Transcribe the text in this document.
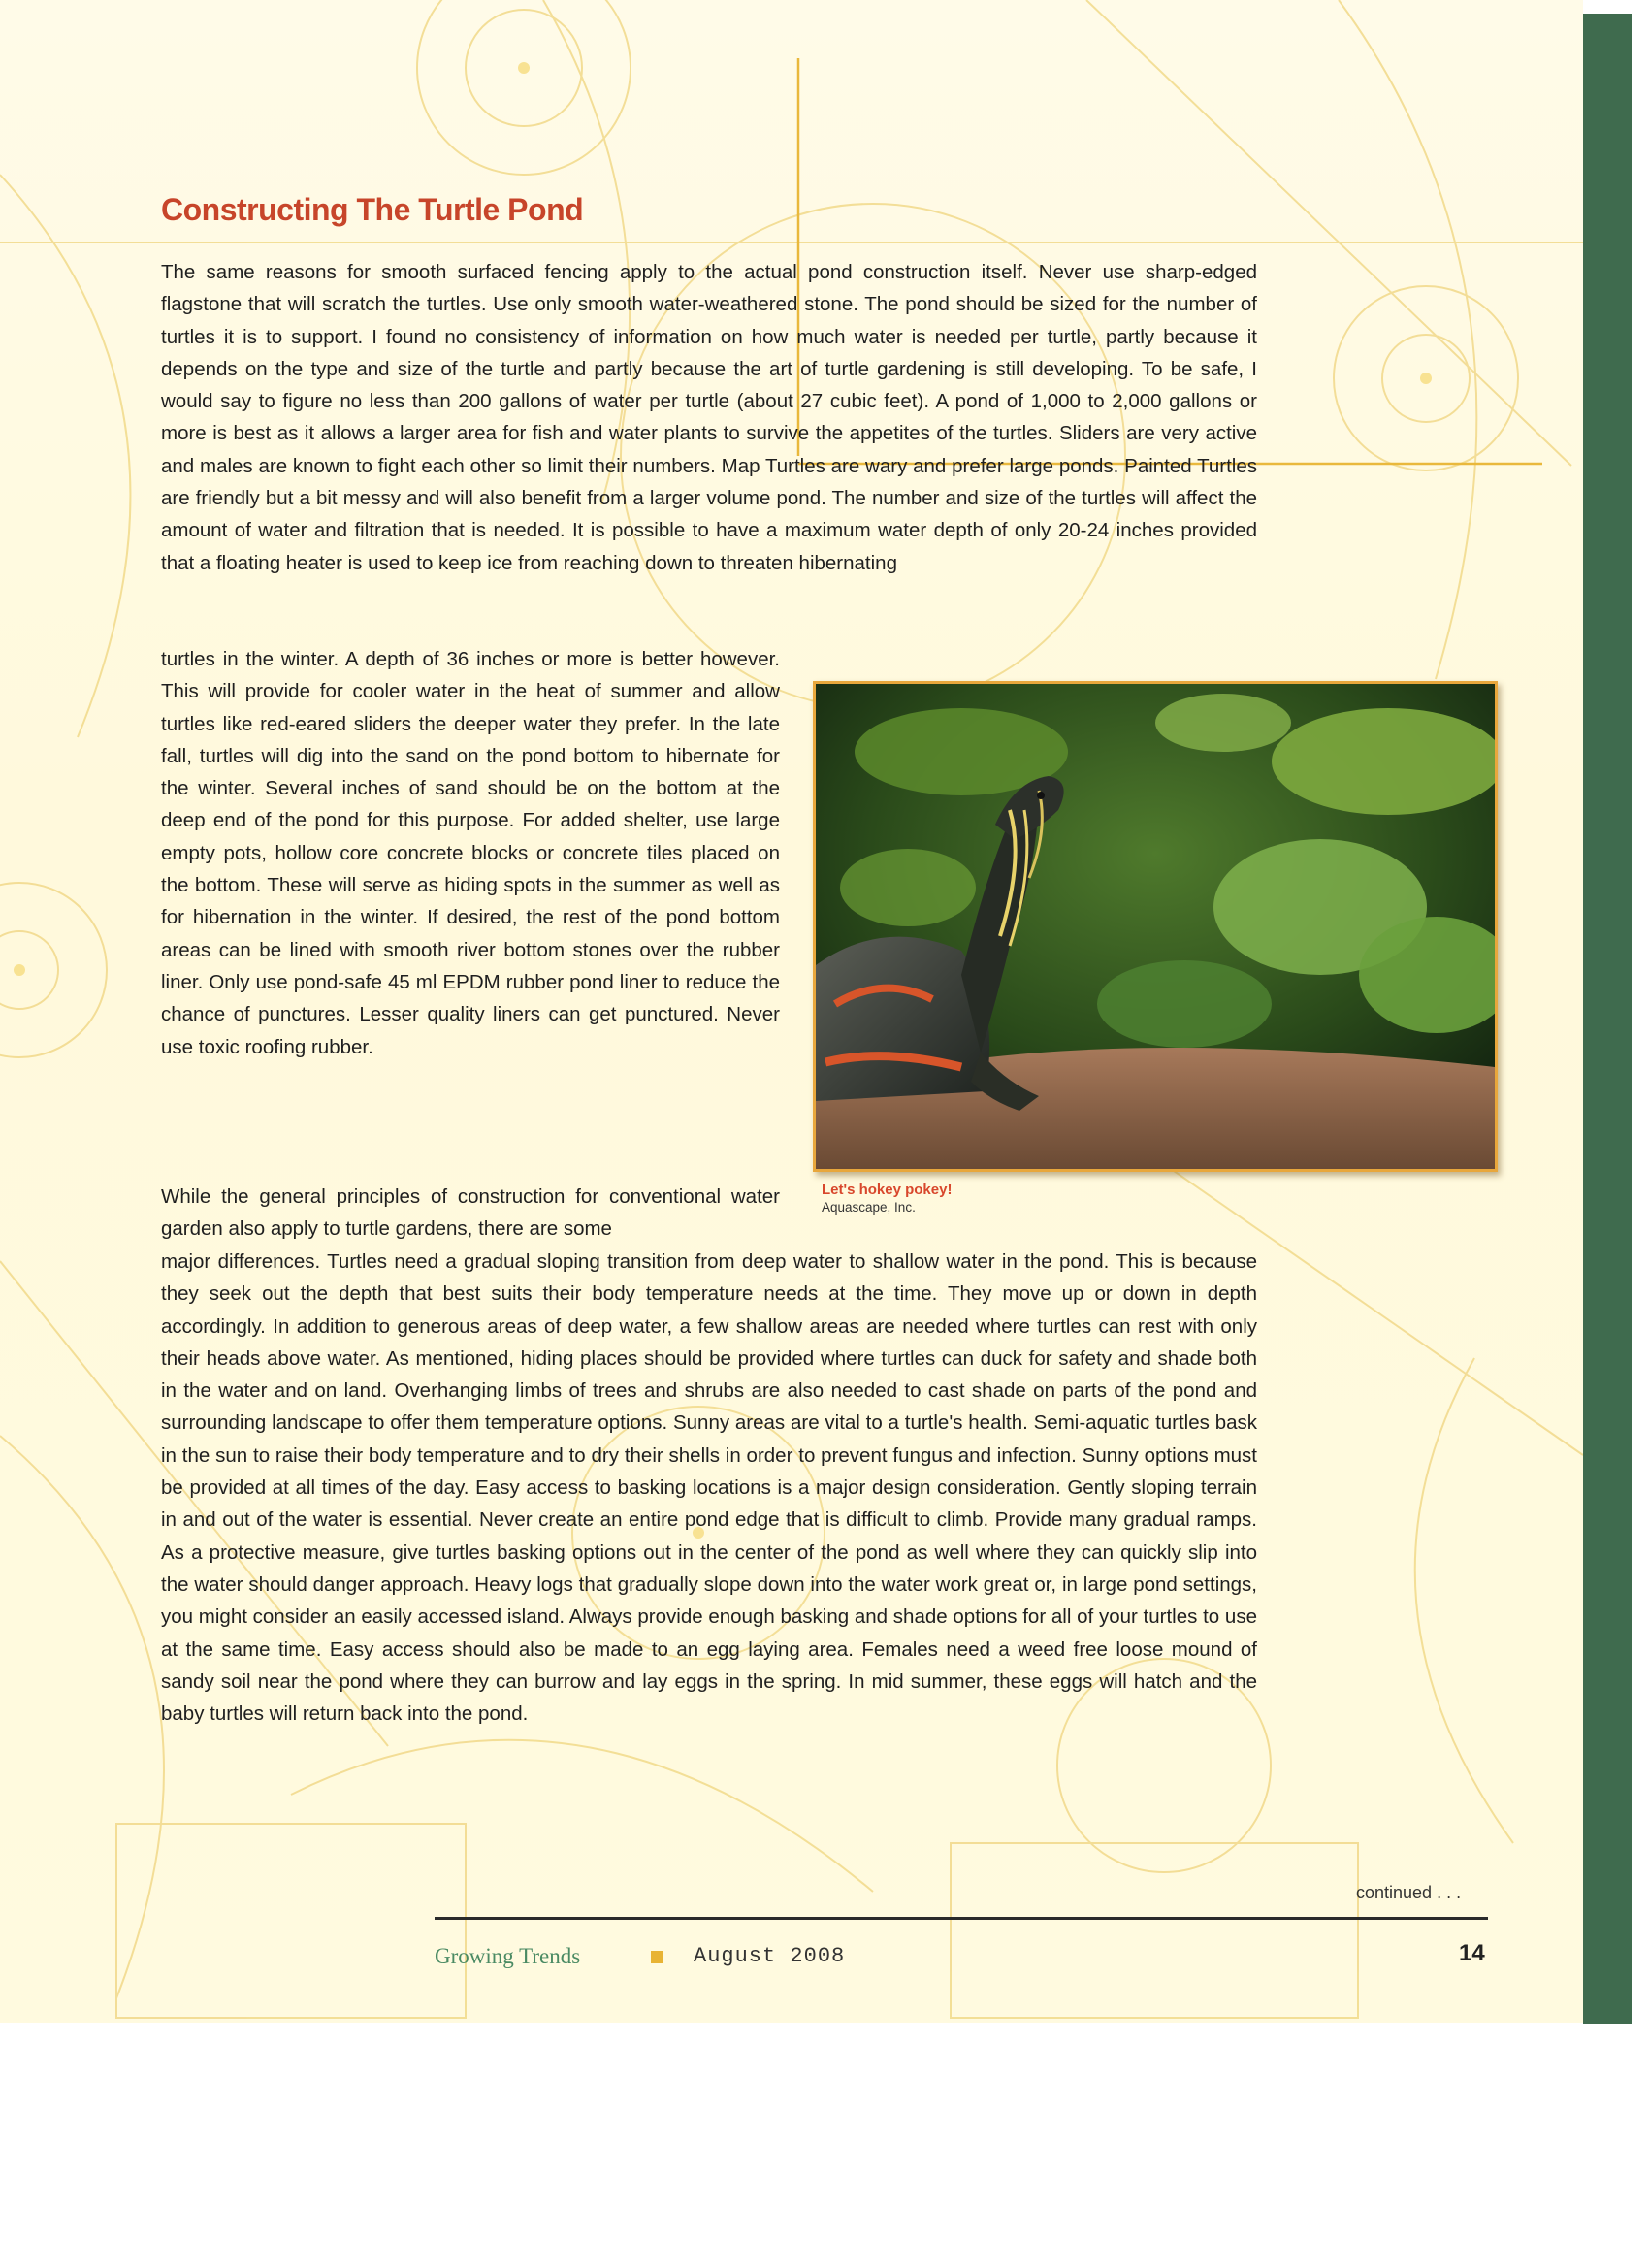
Constructing The Turtle Pond

The same reasons for smooth surfaced fencing apply to the actual pond construction itself. Never use sharp-edged flagstone that will scratch the turtles. Use only smooth water-weathered stone. The pond should be sized for the number of turtles it is to support. I found no consistency of information on how much water is needed per turtle, partly because it depends on the type and size of the turtle and partly because the art of turtle gardening is still developing. To be safe, I would say to figure no less than 200 gallons of water per turtle (about 27 cubic feet). A pond of 1,000 to 2,000 gallons or more is best as it allows a larger area for fish and water plants to survive the appetites of the turtles. Sliders are very active and males are known to fight each other so limit their numbers. Map Turtles are wary and prefer large ponds. Painted Turtles are friendly but a bit messy and will also benefit from a larger volume pond. The number and size of the turtles will affect the amount of water and filtration that is needed. It is possible to have a maximum water depth of only 20-24 inches provided that a floating heater is used to keep ice from reaching down to threaten hibernating

turtles in the winter. A depth of 36 inches or more is better however. This will provide for cooler water in the heat of summer and allow turtles like red-eared sliders the deeper water they prefer. In the late fall, turtles will dig into the sand on the pond bottom to hibernate for the winter. Several inches of sand should be on the bottom at the deep end of the pond for this purpose. For added shelter, use large empty pots, hollow core concrete blocks or concrete tiles placed on the bottom. These will serve as hiding spots in the summer as well as for hibernation in the winter. If desired, the rest of the pond bottom areas can be lined with smooth river bottom stones over the rubber liner. Only use pond-safe 45 ml EPDM rubber pond liner to reduce the chance of punctures. Lesser quality liners can get punctured. Never use toxic roofing rubber.

Let's hokey pokey!
Aquascape, Inc.

While the general principles of construction for conventional water garden also apply to turtle gardens, there are some

major differences. Turtles need a gradual sloping transition from deep water to shallow water in the pond. This is because they seek out the depth that best suits their body temperature needs at the time. They move up or down in depth accordingly. In addition to generous areas of deep water, a few shallow areas are needed where turtles can rest with only their heads above water. As mentioned, hiding places should be provided where turtles can duck for safety and shade both in the water and on land. Overhanging limbs of trees and shrubs are also needed to cast shade on parts of the pond and surrounding landscape to offer them temperature options. Sunny areas are vital to a turtle's health. Semi-aquatic turtles bask in the sun to raise their body temperature and to dry their shells in order to prevent fungus and infection. Sunny options must be provided at all times of the day. Easy access to basking locations is a major design consideration. Gently sloping terrain in and out of the water is essential. Never create an entire pond edge that is difficult to climb. Provide many gradual ramps. As a protective measure, give turtles basking options out in the center of the pond as well where they can quickly slip into the water should danger approach. Heavy logs that gradually slope down into the water work great or, in large pond settings, you might consider an easily accessed island. Always provide enough basking and shade options for all of your turtles to use at the same time. Easy access should also be made to an egg laying area. Females need a weed free loose mound of sandy soil near the pond where they can burrow and lay eggs in the spring. In mid summer, these eggs will hatch and the baby turtles will return back into the pond.

continued . . .
Growing Trends	August 2008	14
